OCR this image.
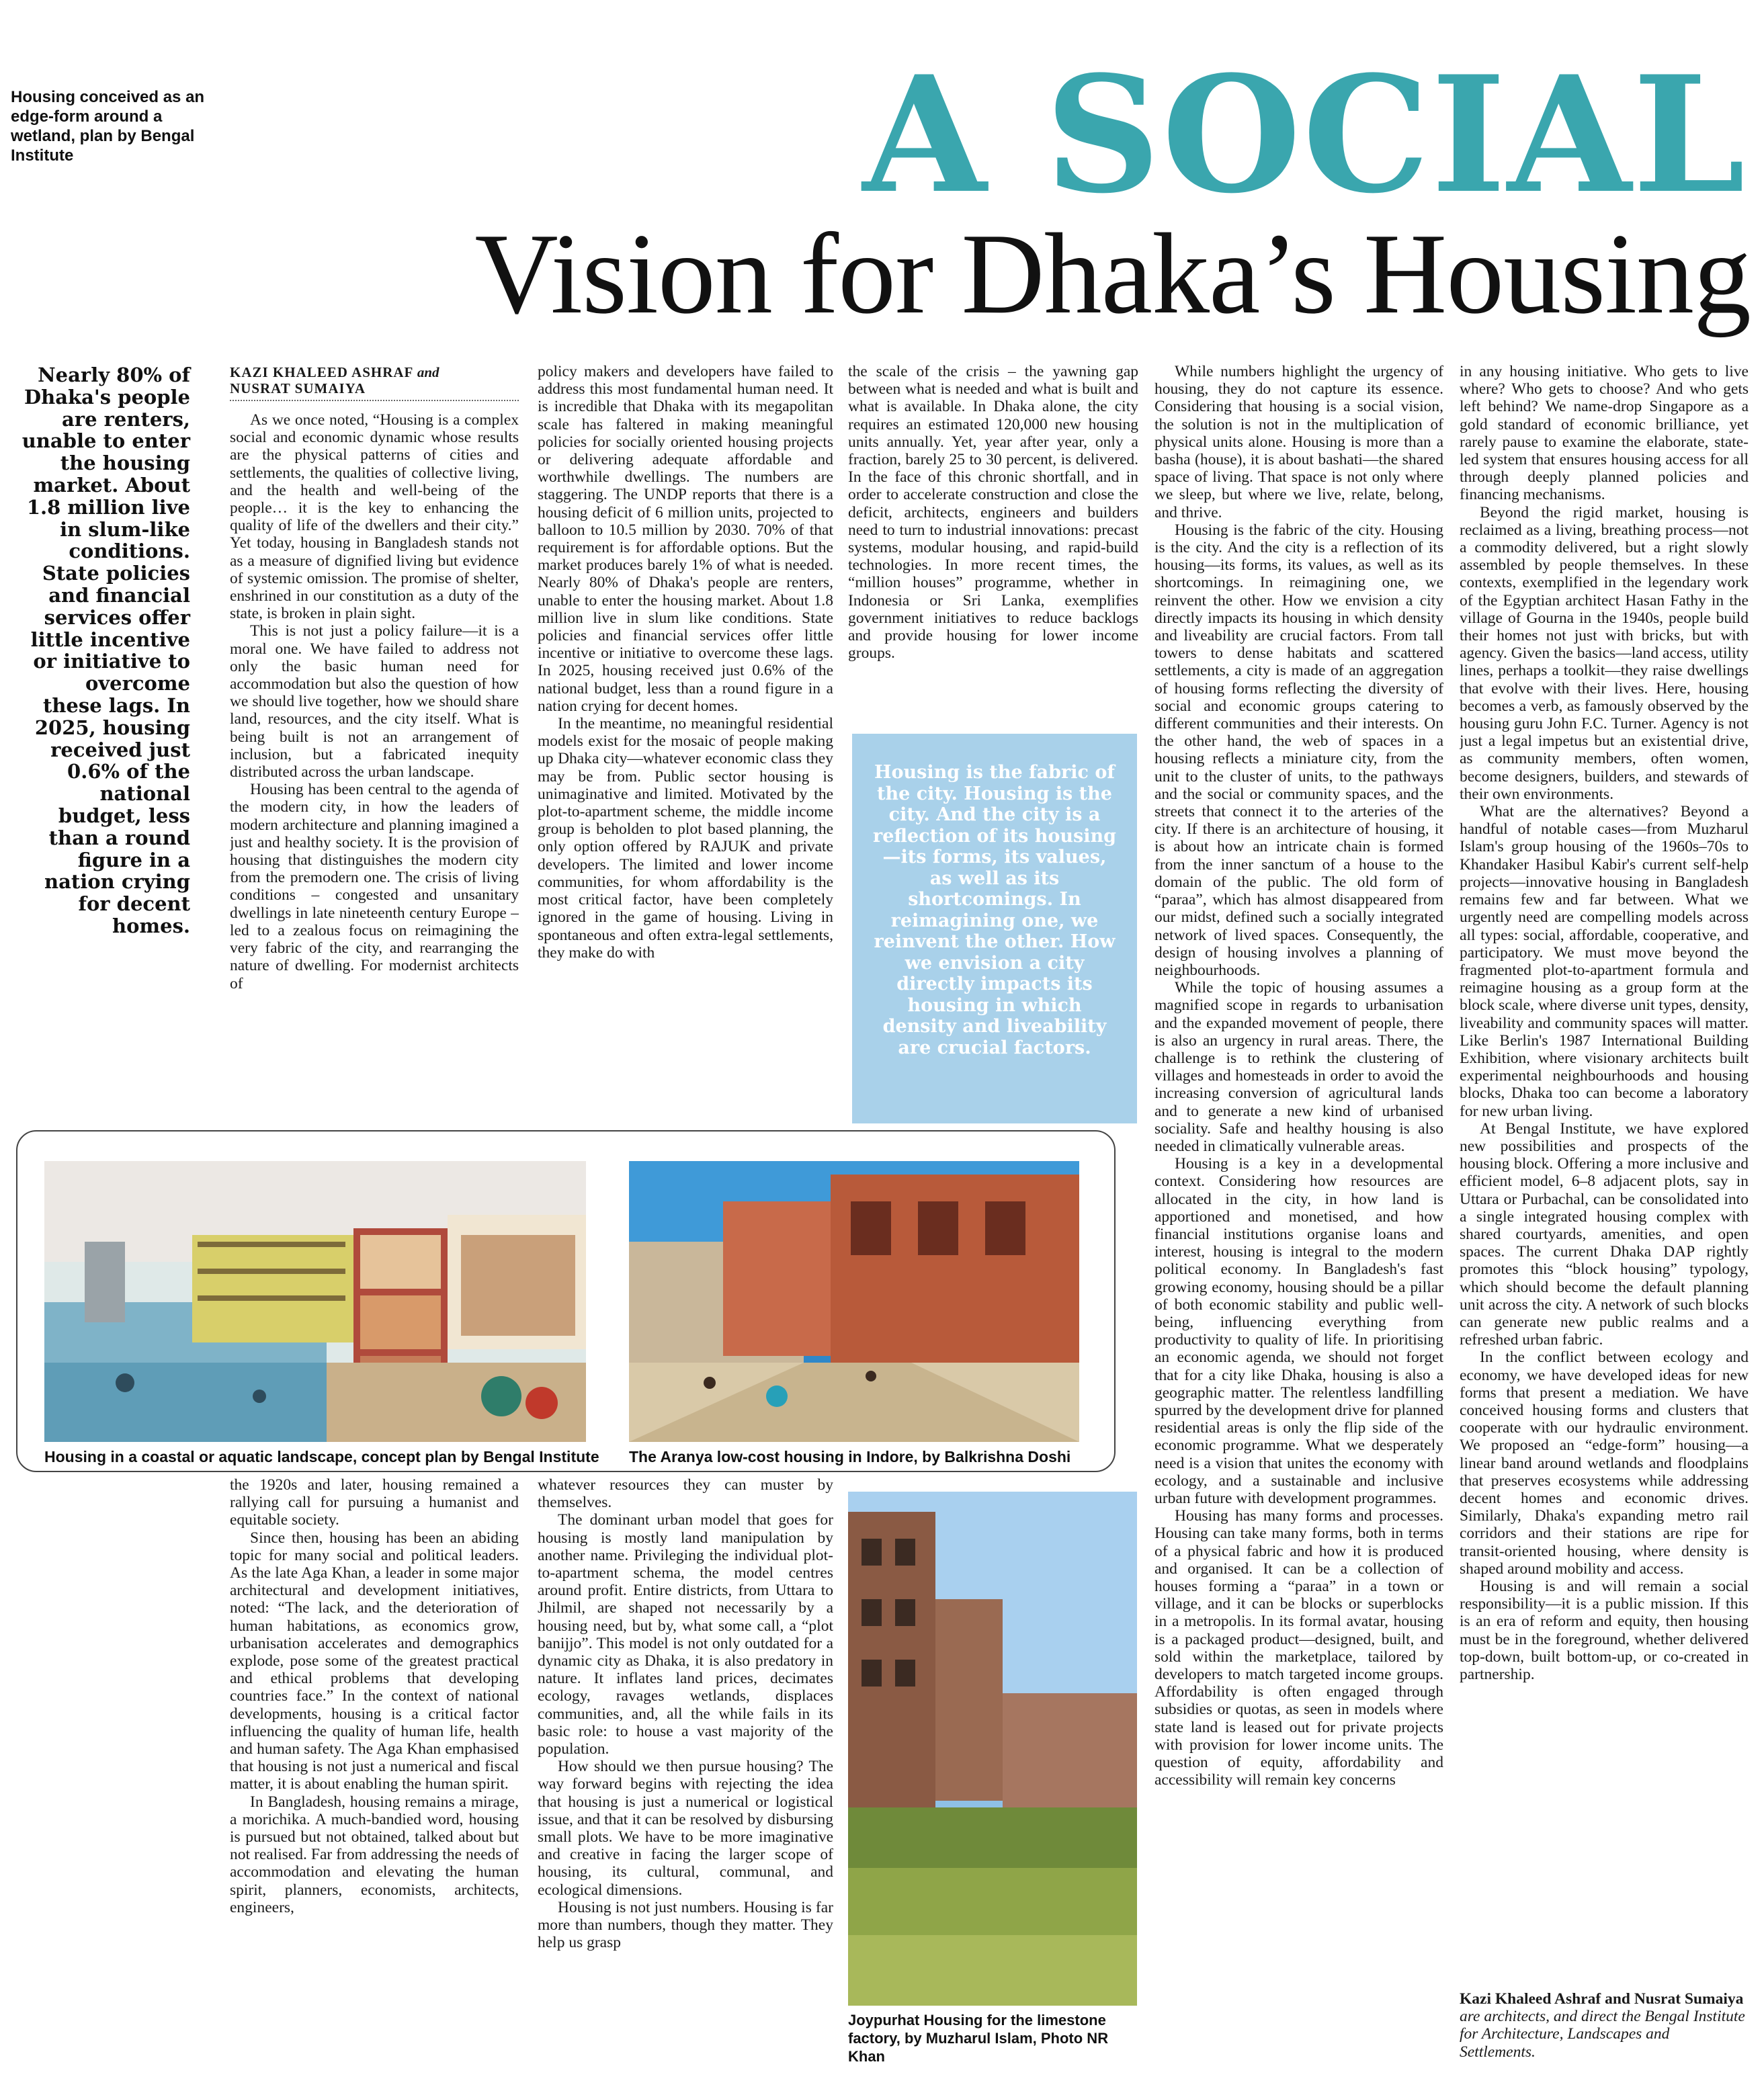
Housing conceived as an edge-form around a wetland, plan by Bengal Institute	A SOCIAL
Vision for Dhaka’s Housing
Nearly 80% of Dhaka's people are renters, unable to enter the housing market. About 1.8 million live in slum-like conditions. State policies and financial services offer little incentive or initiative to overcome these lags. In 2025, housing received just 0.6% of the national budget, less than a round figure in a nation crying for decent homes.
KAZI KHALEED ASHRAF and
NUSRAT SUMAIYA

As we once noted, “Housing is a complex social and economic dynamic whose results are the physical patterns of cities and settlements, the qualities of collective living, and the health and well-being of the people… it is the key to enhancing the quality of life of the dwellers and their city.” Yet today, housing in Bangladesh stands not as a measure of dignified living but evidence of systemic omission. The promise of shelter, enshrined in our constitution as a duty of the state, is broken in plain sight.

This is not just a policy failure—it is a moral one. We have failed to address not only the basic human need for accommodation but also the question of how we should live together, how we should share land, resources, and the city itself. What is being built is not an arrangement of inclusion, but a fabricated inequity distributed across the urban landscape.

Housing has been central to the agenda of the modern city, in how the leaders of modern architecture and planning imagined a just and healthy society. It is the provision of housing that distinguishes the modern city from the premodern one. The crisis of living conditions – congested and unsanitary dwellings in late nineteenth century Europe – led to a zealous focus on reimagining the very fabric of the city, and rearranging the nature of dwelling. For modernist architects of

policy makers and developers have failed to address this most fundamental human need. It is incredible that Dhaka with its megapolitan scale has faltered in making meaningful policies for socially oriented housing projects or delivering adequate affordable and worthwhile dwellings. The numbers are staggering. The UNDP reports that there is a housing deficit of 6 million units, projected to balloon to 10.5 million by 2030. 70% of that requirement is for affordable options. But the market produces barely 1% of what is needed. Nearly 80% of Dhaka's people are renters, unable to enter the housing market. About 1.8 million live in slum like conditions. State policies and financial services offer little incentive or initiative to overcome these lags. In 2025, housing received just 0.6% of the national budget, less than a round figure in a nation crying for decent homes.

In the meantime, no meaningful residential models exist for the mosaic of people making up Dhaka city—whatever economic class they may be from. Public sector housing is unimaginative and limited. Motivated by the plot-to-apartment scheme, the middle income group is beholden to plot based planning, the only option offered by RAJUK and private developers. The limited and lower income communities, for whom affordability is the most critical factor, have been completely ignored in the game of housing. Living in spontaneous and often extra-legal settlements, they make do with

the scale of the crisis – the yawning gap between what is needed and what is built and what is available. In Dhaka alone, the city requires an estimated 120,000 new housing units annually. Yet, year after year, only a fraction, barely 25 to 30 percent, is delivered. In the face of this chronic shortfall, and in order to accelerate construction and close the deficit, architects, engineers and builders need to turn to industrial innovations: precast systems, modular housing, and rapid-build technologies. In more recent times, the “million houses” programme, whether in Indonesia or Sri Lanka, exemplifies government initiatives to reduce backlogs and provide housing for lower income groups.

Housing is the fabric of the city. Housing is the city. And the city is a reflection of its housing—its forms, its values, as well as its shortcomings. In reimagining one, we reinvent the other. How we envision a city directly impacts its housing in which density and liveability are crucial factors.

While numbers highlight the urgency of housing, they do not capture its essence. Considering that housing is a social vision, the solution is not in the multiplication of physical units alone. Housing is more than a basha (house), it is about bashati—the shared space of living. That space is not only where we sleep, but where we live, relate, belong, and thrive.

Housing is the fabric of the city. Housing is the city. And the city is a reflection of its housing—its forms, its values, as well as its shortcomings. In reimagining one, we reinvent the other. How we envision a city directly impacts its housing in which density and liveability are crucial factors. From tall towers to dense habitats and scattered settlements, a city is made of an aggregation of housing forms reflecting the diversity of social and economic groups catering to different communities and their interests. On the other hand, the web of spaces in a housing reflects a miniature city, from the unit to the cluster of units, to the pathways and the social or community spaces, and the streets that connect it to the arteries of the city. If there is an architecture of housing, it is about how an intricate chain is formed from the inner sanctum of a house to the domain of the public. The old form of “paraa”, which has almost disappeared from our midst, defined such a socially integrated network of lived spaces. Consequently, the design of housing involves a planning of neighbourhoods.

While the topic of housing assumes a magnified scope in regards to urbanisation and the expanded movement of people, there is also an urgency in rural areas. There, the challenge is to rethink the clustering of villages and homesteads in order to avoid the increasing conversion of agricultural lands and to generate a new kind of urbanised sociality. Safe and healthy housing is also needed in climatically vulnerable areas.

Housing is a key in a developmental context. Considering how resources are allocated in the city, in how land is apportioned and monetised, and how financial institutions organise loans and interest, housing is integral to the modern political economy. In Bangladesh's fast growing economy, housing should be a pillar of both economic stability and public well-being, influencing everything from productivity to quality of life. In prioritising an economic agenda, we should not forget that for a city like Dhaka, housing is also a geographic matter. The relentless landfilling spurred by the development drive for planned residential areas is only the flip side of the economic programme. What we desperately need is a vision that unites the economy with ecology, and a sustainable and inclusive urban future with development programmes.

Housing has many forms and processes. Housing can take many forms, both in terms of a physical fabric and how it is produced and organised. It can be a collection of houses forming a “paraa” in a town or village, and it can be blocks or superblocks in a metropolis. In its formal avatar, housing is a packaged product—designed, built, and sold within the marketplace, tailored by developers to match targeted income groups. Affordability is often engaged through subsidies or quotas, as seen in models where state land is leased out for private projects with provision for lower income units. The question of equity, affordability and accessibility will remain key concerns

in any housing initiative. Who gets to live where? Who gets to choose? And who gets left behind? We name-drop Singapore as a gold standard of economic brilliance, yet rarely pause to examine the elaborate, state-led system that ensures housing access for all through deeply planned policies and financing mechanisms.

Beyond the rigid market, housing is reclaimed as a living, breathing process—not a commodity delivered, but a right slowly assembled by people themselves. In these contexts, exemplified in the legendary work of the Egyptian architect Hasan Fathy in the village of Gourna in the 1940s, people build their homes not just with bricks, but with agency. Given the basics—land access, utility lines, perhaps a toolkit—they raise dwellings that evolve with their lives. Here, housing becomes a verb, as famously observed by the housing guru John F.C. Turner. Agency is not just a legal impetus but an existential drive, as community members, often women, become designers, builders, and stewards of their own environments.

What are the alternatives? Beyond a handful of notable cases—from Muzharul Islam's group housing of the 1960s–70s to Khandaker Hasibul Kabir's current self-help projects—innovative housing in Bangladesh remains few and far between. What we urgently need are compelling models across all types: social, affordable, cooperative, and participatory. We must move beyond the fragmented plot-to-apartment formula and reimagine housing as a group form at the block scale, where diverse unit types, density, liveability and community spaces will matter. Like Berlin's 1987 International Building Exhibition, where visionary architects built experimental neighbourhoods and housing blocks, Dhaka too can become a laboratory for new urban living.

At Bengal Institute, we have explored new possibilities and prospects of the housing block. Offering a more inclusive and efficient model, 6–8 adjacent plots, say in Uttara or Purbachal, can be consolidated into a single integrated housing complex with shared courtyards, amenities, and open spaces. The current Dhaka DAP rightly promotes this “block housing” typology, which should become the default planning unit across the city. A network of such blocks can generate new public realms and a refreshed urban fabric.

In the conflict between ecology and economy, we have developed ideas for new forms that present a mediation. We have conceived housing forms and clusters that cooperate with our hydraulic environment. We proposed an “edge-form” housing—a linear band around wetlands and floodplains that preserves ecosystems while addressing decent homes and economic drives. Similarly, Dhaka's expanding metro rail corridors and their stations are ripe for transit-oriented housing, where density is shaped around mobility and access.

Housing is and will remain a social responsibility—it is a public mission. If this is an era of reform and equity, then housing must be in the foreground, whether delivered top-down, built bottom-up, or co-created in partnership.

Kazi Khaleed Ashraf and Nusrat Sumaiya are architects, and direct the Bengal Institute for Architecture, Landscapes and Settlements.
Housing in a coastal or aquatic landscape, concept plan by Bengal Institute	The Aranya low-cost housing in Indore, by Balkrishna Doshi

the 1920s and later, housing remained a rallying call for pursuing a humanist and equitable society.

Since then, housing has been an abiding topic for many social and political leaders. As the late Aga Khan, a leader in some major architectural and development initiatives, noted: “The lack, and the deterioration of human habitations, as economics grow, urbanisation accelerates and demographics explode, pose some of the greatest practical and ethical problems that developing countries face.” In the context of national developments, housing is a critical factor influencing the quality of human life, health and human safety. The Aga Khan emphasised that housing is not just a numerical and fiscal matter, it is about enabling the human spirit.

In Bangladesh, housing remains a mirage, a morichika. A much-bandied word, housing is pursued but not obtained, talked about but not realised. Far from addressing the needs of accommodation and elevating the human spirit, planners, economists, architects, engineers,

whatever resources they can muster by themselves.

The dominant urban model that goes for housing is mostly land manipulation by another name. Privileging the individual plot-to-apartment schema, the model centres around profit. Entire districts, from Uttara to Jhilmil, are shaped not necessarily by a housing need, but by, what some call, a “plot banijjo”. This model is not only outdated for a dynamic city as Dhaka, it is also predatory in nature. It inflates land prices, decimates ecology, ravages wetlands, displaces communities, and, all the while fails in its basic role: to house a vast majority of the population.

How should we then pursue housing? The way forward begins with rejecting the idea that housing is just a numerical or logistical issue, and that it can be resolved by disbursing small plots. We have to be more imaginative and creative in facing the larger scope of housing, its cultural, communal, and ecological dimensions.

Housing is not just numbers. Housing is far more than numbers, though they matter. They help us grasp

Joypurhat Housing for the limestone factory, by Muzharul Islam, Photo NR Khan
